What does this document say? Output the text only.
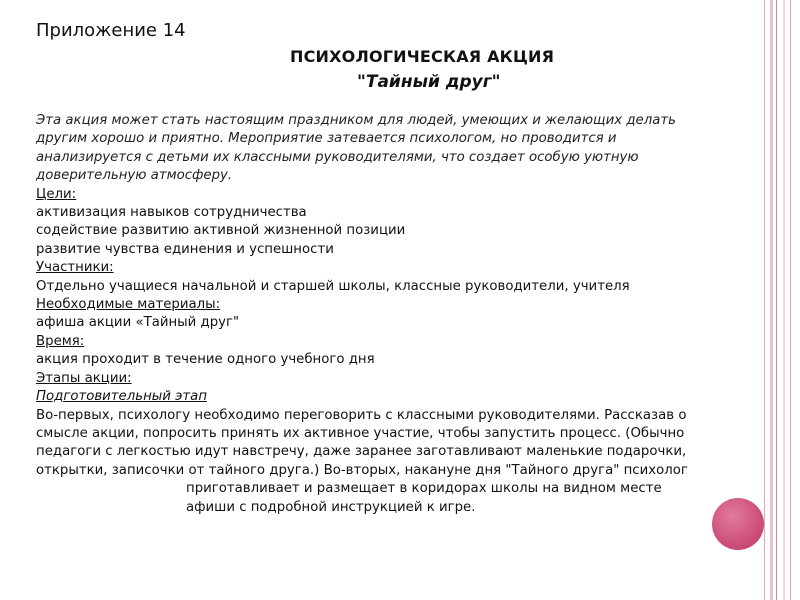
Приложение 14
ПСИХОЛОГИЧЕСКАЯ АКЦИЯ
"Тайный друг"

Эта акция может стать настоящим праздником для людей, умеющих и желающих делать

другим хорошо и приятно. Мероприятие затевается психологом, но проводится и

анализируется с детьми их классными руководителями, что создает особую уютную

доверительную атмосферу.

Цели:

активизация навыков сотрудничества

содействие развитию активной жизненной позиции

развитие чувства единения и успешности

Участники:

Отдельно учащиеся начальной и старшей школы, классные руководители, учителя

Необходимые материалы:

афиша акции «Тайный друг"

Время:

акция проходит в течение одного учебного дня

Этапы акции:

Подготовительный этап

Во-первых, психологу необходимо переговорить с классными руководителями. Рассказав о

смысле акции, попросить принять их активное участие, чтобы запустить процесс. (Обычно

педагоги с легкостью идут навстречу, даже заранее заготавливают маленькие подарочки,

открытки, записочки от тайного друга.) Во-вторых, накануне дня "Тайного друга" психолог

приготавливает и размещает в коридорах школы на видном месте

афиши с подробной инструкцией к игре.
